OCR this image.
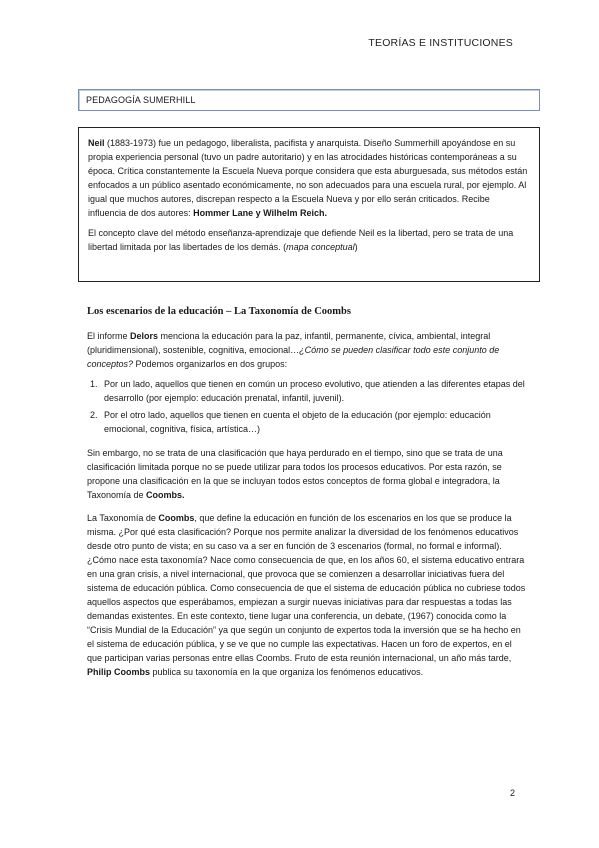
TEORÍAS E INSTITUCIONES
PEDAGOGÍA SUMERHILL

Neil (1883-1973) fue un pedagogo, liberalista, pacifista y anarquista. Diseño Summerhill apoyándose en su propia experiencia personal (tuvo un padre autoritario) y en las atrocidades históricas contemporáneas a su época. Crítica constantemente la Escuela Nueva porque considera que esta aburguesada, sus métodos están enfocados a un público asentado económicamente, no son adecuados para una escuela rural, por ejemplo. Al igual que muchos autores, discrepan respecto a la Escuela Nueva y por ello serán criticados. Recibe influencia de dos autores: Hommer Lane y Wilhelm Reich.

El concepto clave del método enseñanza-aprendizaje que defiende Neil es la libertad, pero se trata de una libertad limitada por las libertades de los demás. (mapa conceptual)

Los escenarios de la educación – La Taxonomía de Coombs

El informe Delors menciona la educación para la paz, infantil, permanente, cívica, ambiental, integral (pluridimensional), sostenible, cognitiva, emocional…¿Cómo se pueden clasificar todo este conjunto de conceptos? Podemos organizarlos en dos grupos:

1. Por un lado, aquellos que tienen en común un proceso evolutivo, que atienden a las diferentes etapas del desarrollo (por ejemplo: educación prenatal, infantil, juvenil).
2. Por el otro lado, aquellos que tienen en cuenta el objeto de la educación (por ejemplo: educación emocional, cognitiva, física, artística…)

Sin embargo, no se trata de una clasificación que haya perdurado en el tiempo, sino que se trata de una clasificación limitada porque no se puede utilizar para todos los procesos educativos. Por esta razón, se propone una clasificación en la que se incluyan todos estos conceptos de forma global e integradora, la Taxonomía de Coombs.

La Taxonomía de Coombs, que define la educación en función de los escenarios en los que se produce la misma. ¿Por qué esta clasificación? Porque nos permite analizar la diversidad de los fenómenos educativos desde otro punto de vista; en su caso va a ser en función de 3 escenarios (formal, no formal e informal). ¿Cómo nace esta taxonomía? Nace como consecuencia de que, en los años 60, el sistema educativo entrara en una gran crisis, a nivel internacional, que provoca que se comienzen a desarrollar iniciativas fuera del sistema de educación pública. Como consecuencia de que el sistema de educación pública no cubriese todos aquellos aspectos que esperábamos, empiezan a surgir nuevas iniciativas para dar respuestas a todas las demandas existentes. En este contexto, tiene lugar una conferencia, un debate, (1967) conocida como la “Crisis Mundial de la Educación” ya que según un conjunto de expertos toda la inversión que se ha hecho en el sistema de educación pública, y se ve que no cumple las expectativas. Hacen un foro de expertos, en el que participan varias personas entre ellas Coombs. Fruto de esta reunión internacional, un año más tarde, Philip Coombs publica su taxonomía en la que organiza los fenómenos educativos.

2
